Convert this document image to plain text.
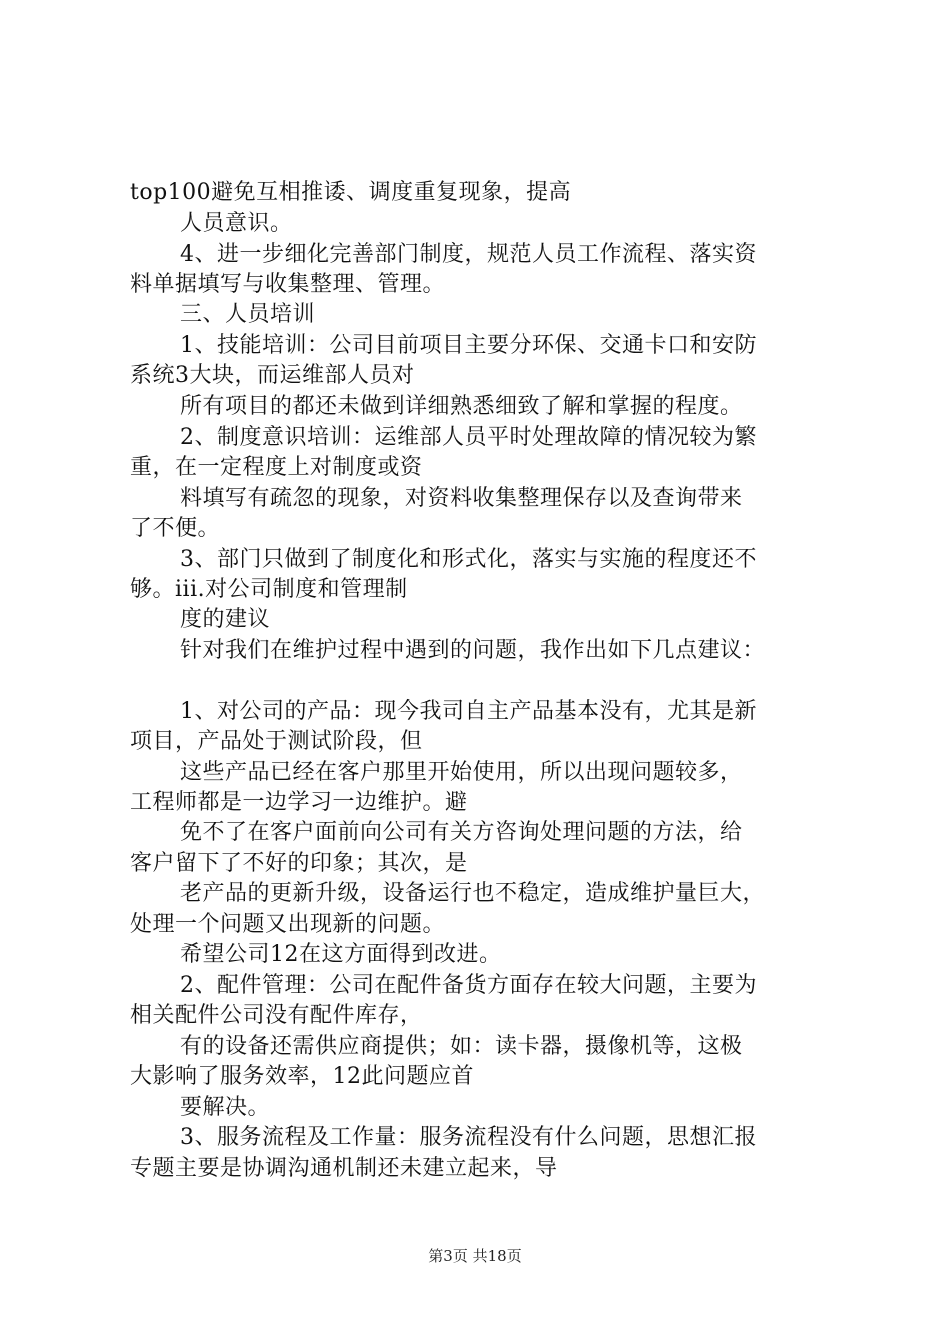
top100避免互相推诿、调度重复现象，提高
人员意识。
4、进一步细化完善部门制度，规范人员工作流程、落实资
料单据填写与收集整理、管理。
三、人员培训
1、技能培训：公司目前项目主要分环保、交通卡口和安防
系统3大块，而运维部人员对
所有项目的都还未做到详细熟悉细致了解和掌握的程度。
2、制度意识培训：运维部人员平时处理故障的情况较为繁
重，在一定程度上对制度或资
料填写有疏忽的现象，对资料收集整理保存以及查询带来
了不便。
3、部门只做到了制度化和形式化，落实与实施的程度还不
够。iii.对公司制度和管理制
度的建议
针对我们在维护过程中遇到的问题，我作出如下几点建议：
1、对公司的产品：现今我司自主产品基本没有，尤其是新
项目，产品处于测试阶段，但
这些产品已经在客户那里开始使用，所以出现问题较多，
工程师都是一边学习一边维护。避
免不了在客户面前向公司有关方咨询处理问题的方法，给
客户留下了不好的印象；其次，是
老产品的更新升级，设备运行也不稳定，造成维护量巨大，
处理一个问题又出现新的问题。
希望公司12在这方面得到改进。
2、配件管理：公司在配件备货方面存在较大问题，主要为
相关配件公司没有配件库存，
有的设备还需供应商提供；如：读卡器，摄像机等，这极
大影响了服务效率，12此问题应首
要解决。
3、服务流程及工作量：服务流程没有什么问题，思想汇报
专题主要是协调沟通机制还未建立起来，导
第3页 共18页
